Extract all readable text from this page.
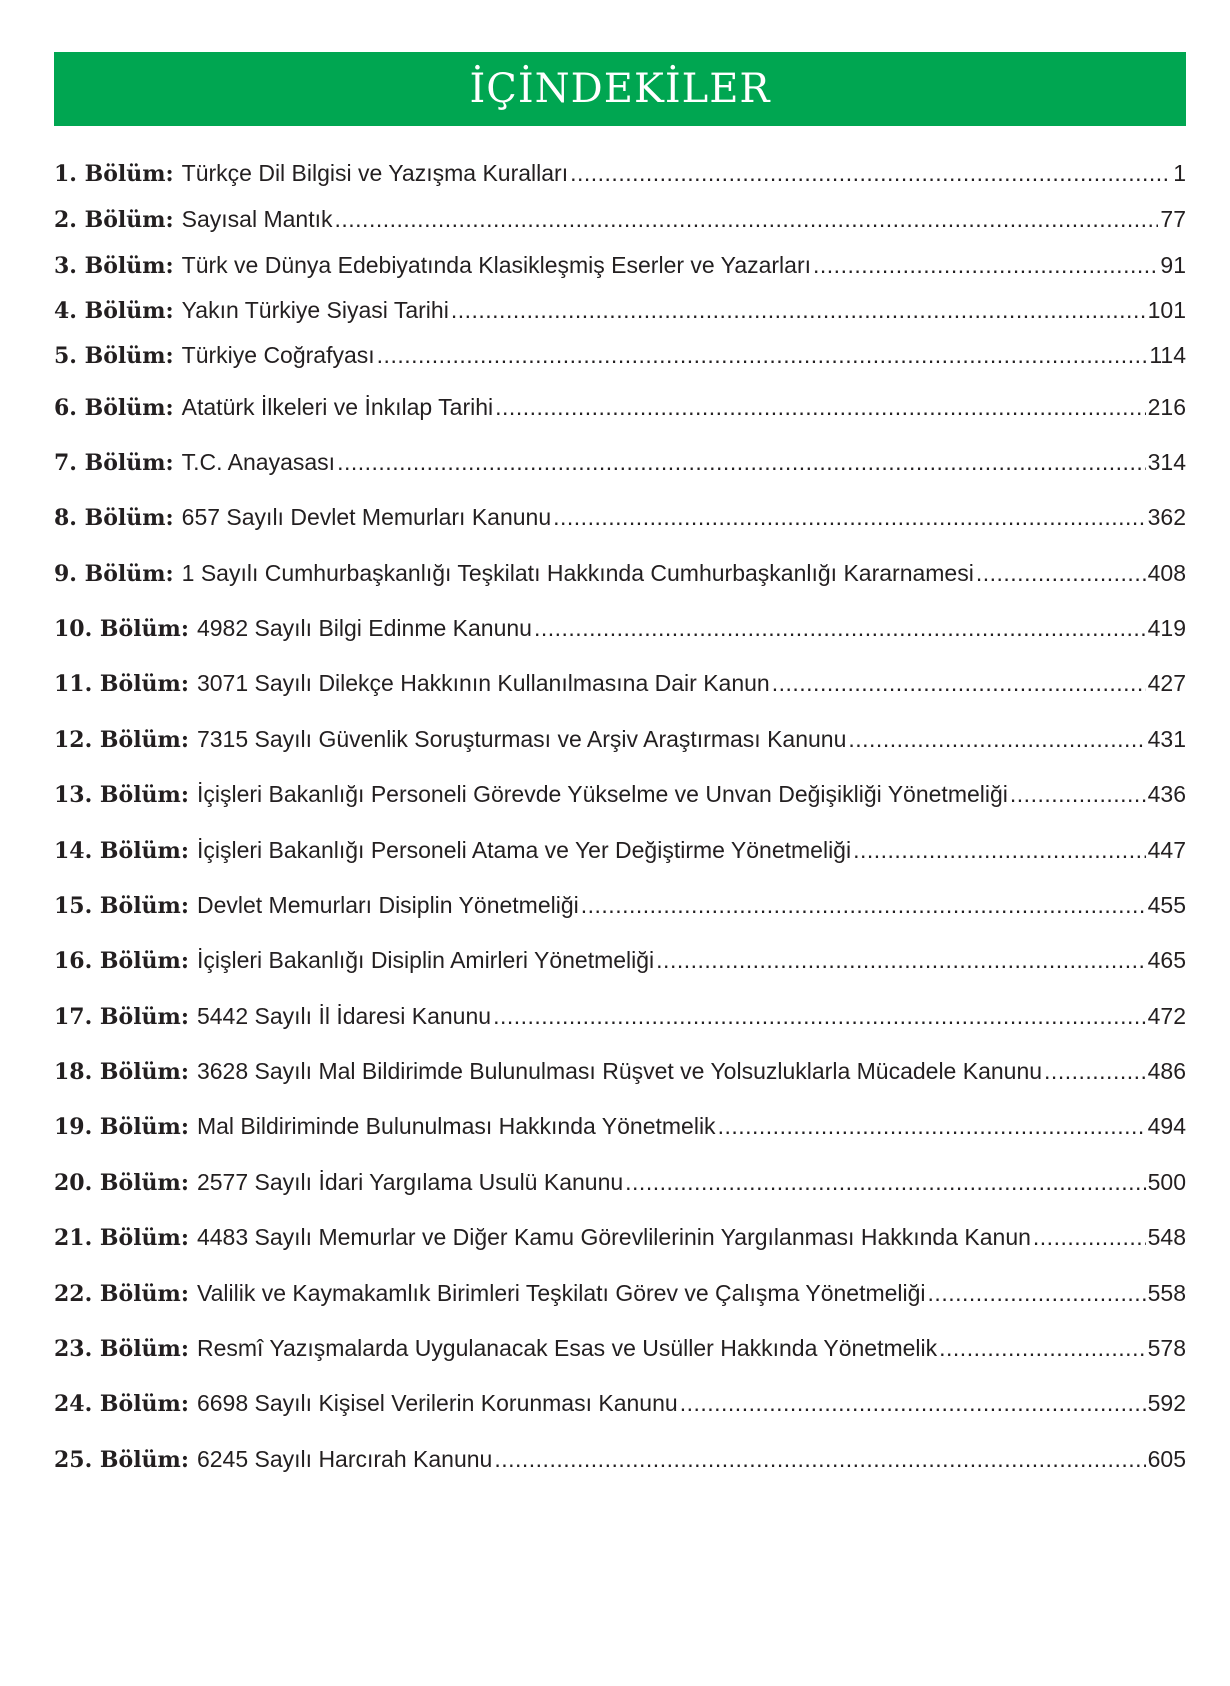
İÇİNDEKİLER
1. Bölüm: Türkçe Dil Bilgisi ve Yazışma Kuralları .....	1
2. Bölüm: Sayısal Mantık .....	77
3. Bölüm: Türk ve Dünya Edebiyatında Klasikleşmiş Eserler ve Yazarları .....	91
4. Bölüm: Yakın Türkiye Siyasi Tarihi .....	101
5. Bölüm: Türkiye Coğrafyası .....	114
6. Bölüm: Atatürk İlkeleri ve İnkılap Tarihi .....	216
7. Bölüm: T.C. Anayasası .....	314
8. Bölüm: 657 Sayılı Devlet Memurları Kanunu .....	362
9. Bölüm: 1 Sayılı Cumhurbaşkanlığı Teşkilatı Hakkında Cumhurbaşkanlığı Kararnamesi .....	408
10. Bölüm: 4982 Sayılı Bilgi Edinme Kanunu .....	419
11. Bölüm: 3071 Sayılı Dilekçe Hakkının Kullanılmasına Dair Kanun .....	427
12. Bölüm: 7315 Sayılı Güvenlik Soruşturması ve Arşiv Araştırması Kanunu .....	431
13. Bölüm: İçişleri Bakanlığı Personeli Görevde Yükselme ve Unvan Değişikliği Yönetmeliği .....	436
14. Bölüm: İçişleri Bakanlığı Personeli Atama ve Yer Değiştirme Yönetmeliği .....	447
15. Bölüm: Devlet Memurları Disiplin Yönetmeliği .....	455
16. Bölüm: İçişleri Bakanlığı Disiplin Amirleri Yönetmeliği .....	465
17. Bölüm: 5442 Sayılı İl İdaresi Kanunu .....	472
18. Bölüm: 3628 Sayılı Mal Bildirimde Bulunulması Rüşvet ve Yolsuzluklarla Mücadele Kanunu .....	486
19. Bölüm: Mal Bildiriminde Bulunulması Hakkında Yönetmelik .....	494
20. Bölüm: 2577 Sayılı İdari Yargılama Usulü Kanunu .....	500
21. Bölüm: 4483 Sayılı Memurlar ve Diğer Kamu Görevlilerinin Yargılanması Hakkında Kanun .....	548
22. Bölüm: Valilik ve Kaymakamlık Birimleri Teşkilatı Görev ve Çalışma Yönetmeliği .....	558
23. Bölüm: Resmî Yazışmalarda Uygulanacak Esas ve Usüller Hakkında Yönetmelik .....	578
24. Bölüm: 6698 Sayılı Kişisel Verilerin Korunması Kanunu .....	592
25. Bölüm: 6245 Sayılı Harcırah Kanunu .....	605
